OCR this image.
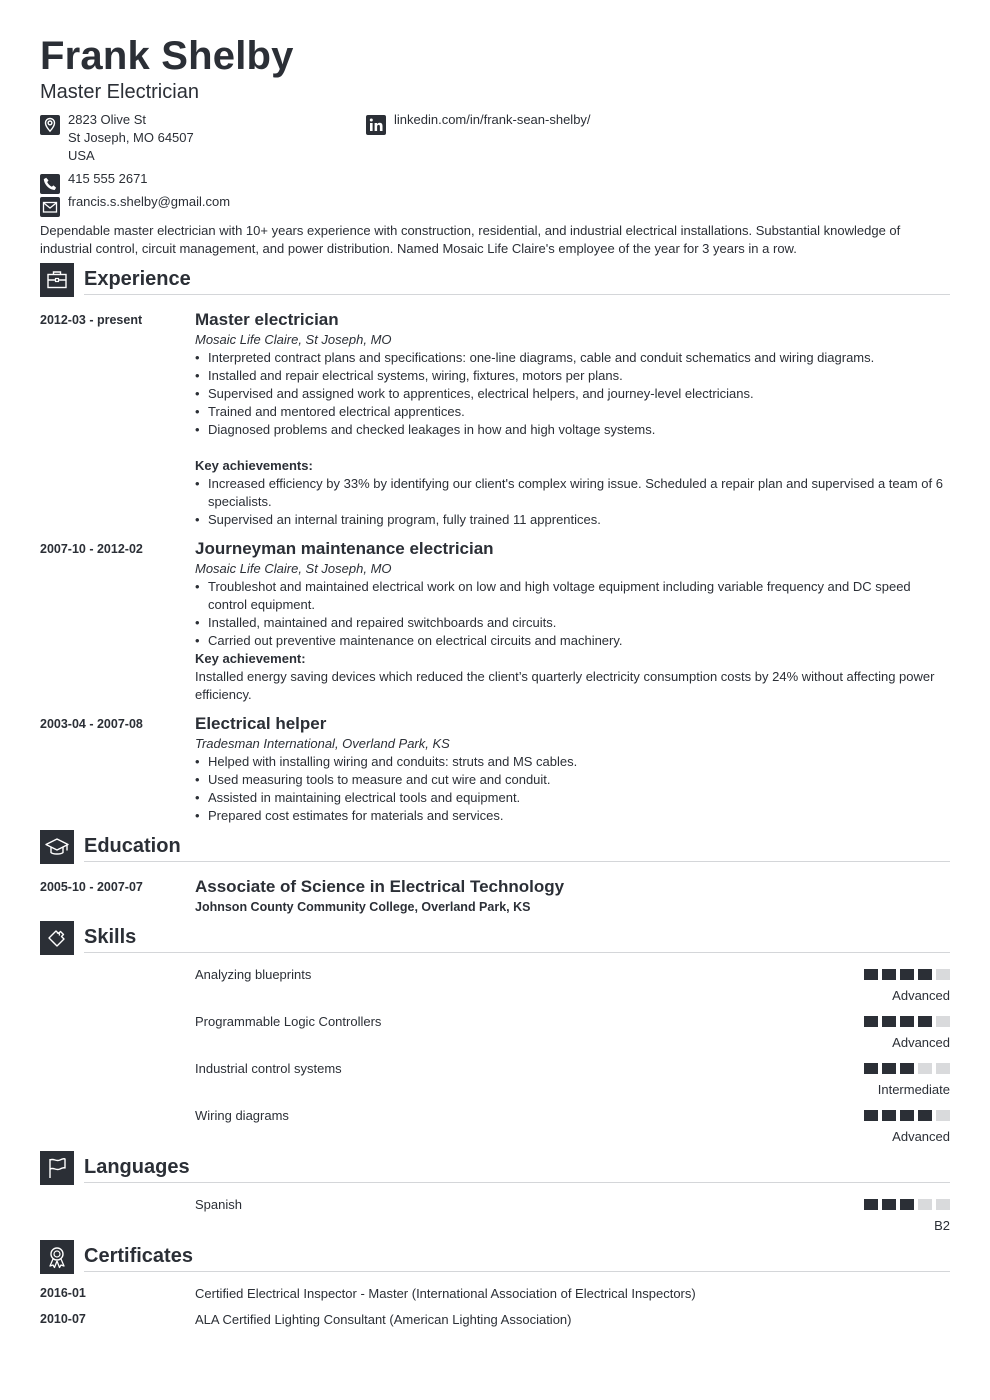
Frank Shelby
Master Electrician
2823 Olive St
St Joseph, MO 64507
USA
linkedin.com/in/frank-sean-shelby/
415 555 2671
francis.s.shelby@gmail.com
Dependable master electrician with 10+ years experience with construction, residential, and industrial electrical installations. Substantial knowledge of industrial control, circuit management, and power distribution. Named Mosaic Life Claire's employee of the year for 3 years in a row.
Experience
2012-03 - present	Master electrician
Mosaic Life Claire, St Joseph, MO
• Interpreted contract plans and specifications: one-line diagrams, cable and conduit schematics and wiring diagrams.
• Installed and repair electrical systems, wiring, fixtures, motors per plans.
• Supervised and assigned work to apprentices, electrical helpers, and journey-level electricians.
• Trained and mentored electrical apprentices.
• Diagnosed problems and checked leakages in how and high voltage systems.
Key achievements:
• Increased efficiency by 33% by identifying our client's complex wiring issue. Scheduled a repair plan and supervised a team of 6 specialists.
• Supervised an internal training program, fully trained 11 apprentices.
2007-10 - 2012-02	Journeyman maintenance electrician
Mosaic Life Claire, St Joseph, MO
• Troubleshot and maintained electrical work on low and high voltage equipment including variable frequency and DC speed control equipment.
• Installed, maintained and repaired switchboards and circuits.
• Carried out preventive maintenance on electrical circuits and machinery.
Key achievement:
Installed energy saving devices which reduced the client’s quarterly electricity consumption costs by 24% without affecting power efficiency.
2003-04 - 2007-08	Electrical helper
Tradesman International, Overland Park, KS
• Helped with installing wiring and conduits: struts and MS cables.
• Used measuring tools to measure and cut wire and conduit.
• Assisted in maintaining electrical tools and equipment.
• Prepared cost estimates for materials and services.
Education
2005-10 - 2007-07	Associate of Science in Electrical Technology
Johnson County Community College, Overland Park, KS
Skills
Analyzing blueprints
Advanced
Programmable Logic Controllers
Advanced
Industrial control systems
Intermediate
Wiring diagrams
Advanced
Languages
Spanish
B2
Certificates
2016-01	Certified Electrical Inspector - Master (International Association of Electrical Inspectors)
2010-07	ALA Certified Lighting Consultant (American Lighting Association)
